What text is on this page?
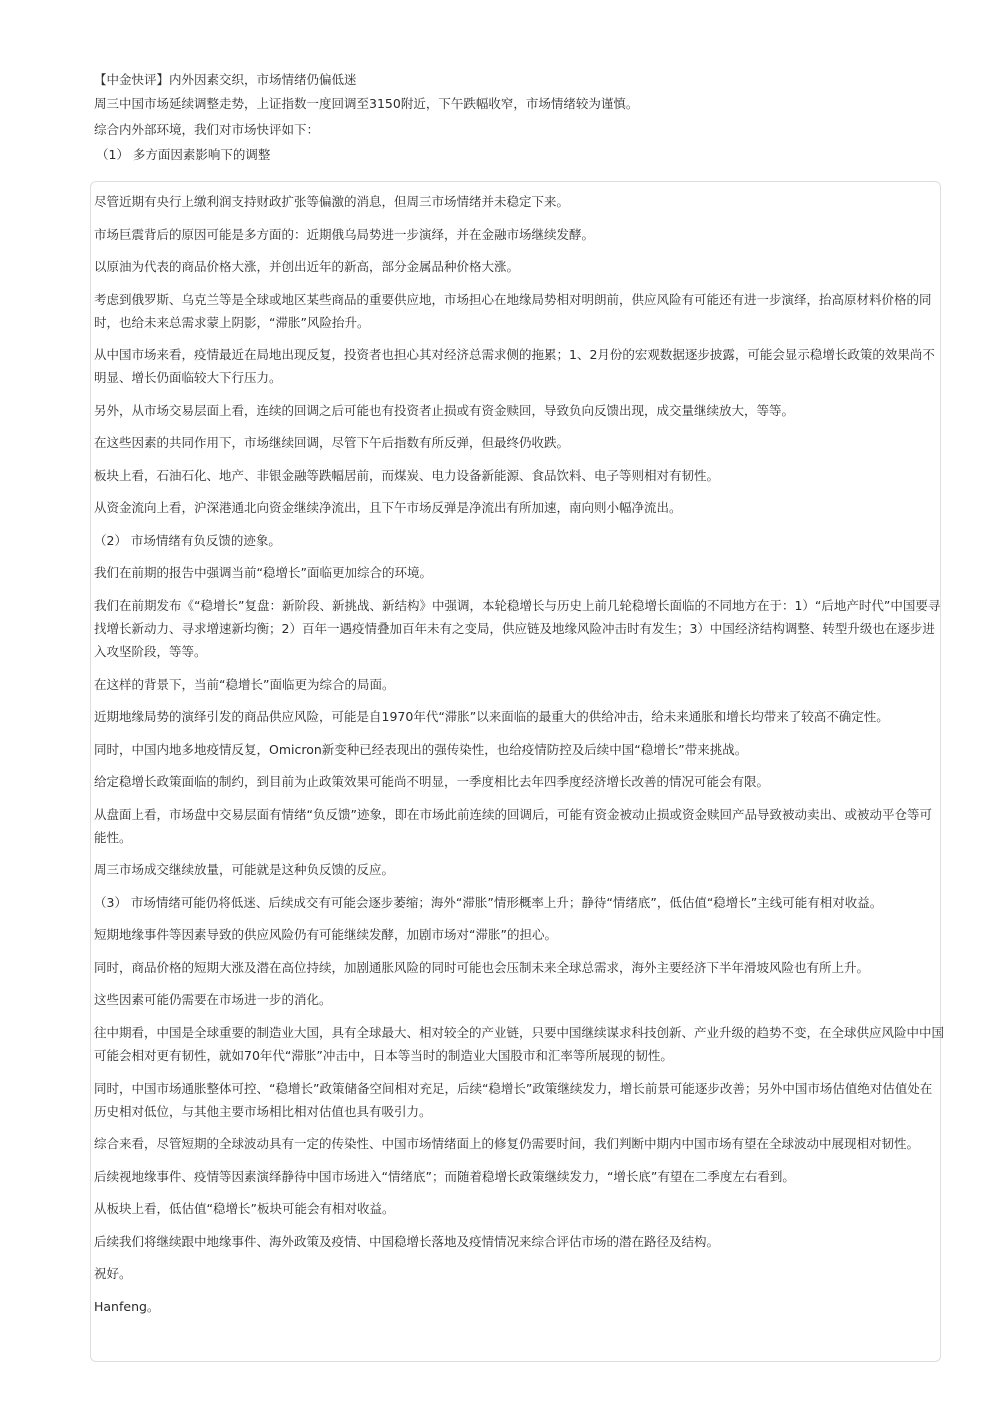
【中金快评】内外因素交织，市场情绪仍偏低迷

周三中国市场延续调整走势，上证指数一度回调至3150附近，下午跌幅收窄，市场情绪较为谨慎。

综合内外部环境，我们对市场快评如下：

（1） 多方面因素影响下的调整

尽管近期有央行上缴利润支持财政扩张等偏激的消息，但周三市场情绪并未稳定下来。

市场巨震背后的原因可能是多方面的：近期俄乌局势进一步演绎，并在金融市场继续发酵。

以原油为代表的商品价格大涨，并创出近年的新高，部分金属品种价格大涨。

考虑到俄罗斯、乌克兰等是全球或地区某些商品的重要供应地，市场担心在地缘局势相对明朗前，供应风险有可能还有进一步演绎，抬高原材料价格的同时，也给未来总需求蒙上阴影，“滞胀”风险抬升。

从中国市场来看，疫情最近在局地出现反复，投资者也担心其对经济总需求侧的拖累；1、2月份的宏观数据逐步披露，可能会显示稳增长政策的效果尚不明显、增长仍面临较大下行压力。

另外，从市场交易层面上看，连续的回调之后可能也有投资者止损或有资金赎回，导致负向反馈出现，成交量继续放大，等等。

在这些因素的共同作用下，市场继续回调，尽管下午后指数有所反弹，但最终仍收跌。

板块上看，石油石化、地产、非银金融等跌幅居前，而煤炭、电力设备新能源、食品饮料、电子等则相对有韧性。

从资金流向上看，沪深港通北向资金继续净流出，且下午市场反弹是净流出有所加速，南向则小幅净流出。

（2） 市场情绪有负反馈的迹象。

我们在前期的报告中强调当前“稳增长”面临更加综合的环境。

我们在前期发布《“稳增长”复盘：新阶段、新挑战、新结构》中强调，本轮稳增长与历史上前几轮稳增长面临的不同地方在于：1）“后地产时代”中国要寻找增长新动力、寻求增速新均衡；2）百年一遇疫情叠加百年未有之变局，供应链及地缘风险冲击时有发生；3）中国经济结构调整、转型升级也在逐步进入攻坚阶段，等等。

在这样的背景下，当前“稳增长”面临更为综合的局面。

近期地缘局势的演绎引发的商品供应风险，可能是自1970年代“滞胀”以来面临的最重大的供给冲击，给未来通胀和增长均带来了较高不确定性。

同时，中国内地多地疫情反复，Omicron新变种已经表现出的强传染性，也给疫情防控及后续中国“稳增长”带来挑战。

给定稳增长政策面临的制约，到目前为止政策效果可能尚不明显，一季度相比去年四季度经济增长改善的情况可能会有限。

从盘面上看，市场盘中交易层面有情绪“负反馈”迹象，即在市场此前连续的回调后，可能有资金被动止损或资金赎回产品导致被动卖出、或被动平仓等可能性。

周三市场成交继续放量，可能就是这种负反馈的反应。

（3） 市场情绪可能仍将低迷、后续成交有可能会逐步萎缩；海外“滞胀”情形概率上升；静待“情绪底”，低估值“稳增长”主线可能有相对收益。

短期地缘事件等因素导致的供应风险仍有可能继续发酵，加剧市场对“滞胀”的担心。

同时，商品价格的短期大涨及潜在高位持续，加剧通胀风险的同时可能也会压制未来全球总需求，海外主要经济下半年滑坡风险也有所上升。

这些因素可能仍需要在市场进一步的消化。

往中期看，中国是全球重要的制造业大国，具有全球最大、相对较全的产业链，只要中国继续谋求科技创新、产业升级的趋势不变，在全球供应风险中中国可能会相对更有韧性，就如70年代“滞胀”冲击中，日本等当时的制造业大国股市和汇率等所展现的韧性。

同时，中国市场通胀整体可控、“稳增长”政策储备空间相对充足，后续“稳增长”政策继续发力，增长前景可能逐步改善；另外中国市场估值绝对估值处在历史相对低位，与其他主要市场相比相对估值也具有吸引力。

综合来看，尽管短期的全球波动具有一定的传染性、中国市场情绪面上的修复仍需要时间，我们判断中期内中国市场有望在全球波动中展现相对韧性。

后续视地缘事件、疫情等因素演绎静待中国市场进入“情绪底”；而随着稳增长政策继续发力，“增长底”有望在二季度左右看到。

从板块上看，低估值“稳增长”板块可能会有相对收益。

后续我们将继续跟中地缘事件、海外政策及疫情、中国稳增长落地及疫情情况来综合评估市场的潜在路径及结构。

祝好。

Hanfeng。
